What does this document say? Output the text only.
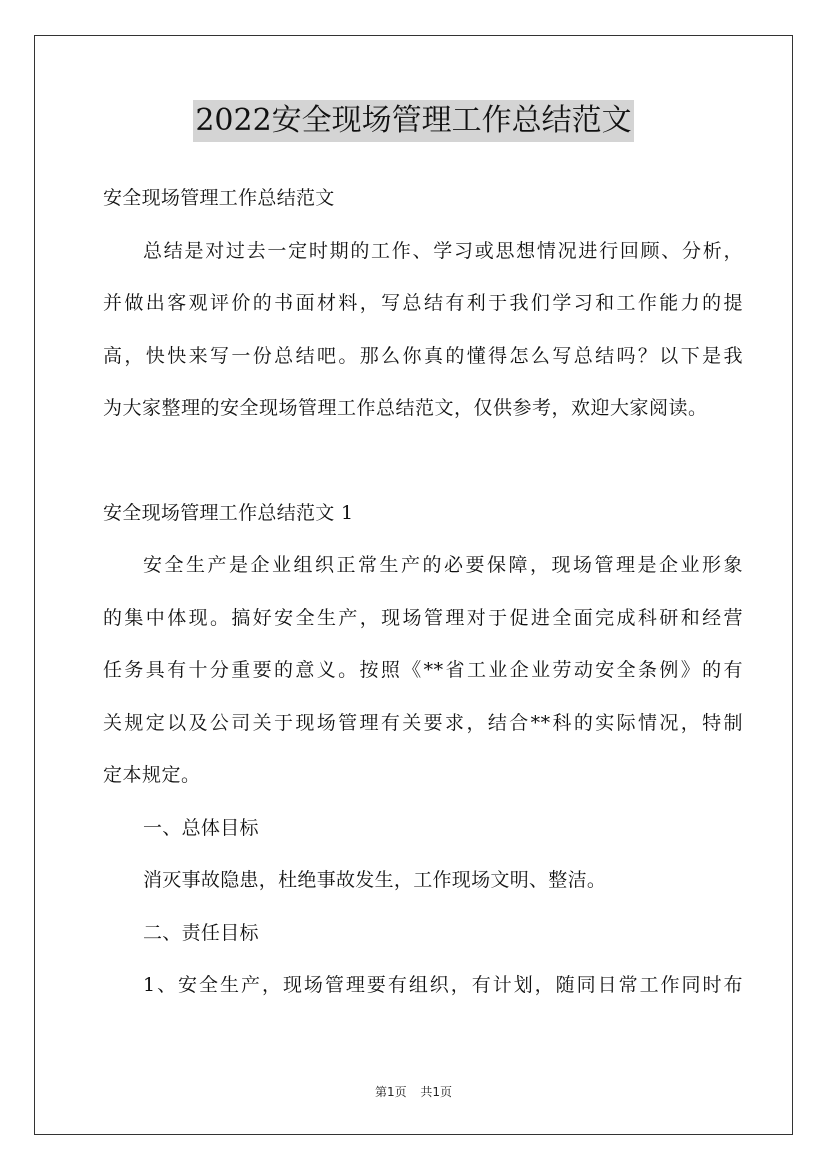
2022安全现场管理工作总结范文
安全现场管理工作总结范文
总结是对过去一定时期的工作、学习或思想情况进行回顾、分析，
并做出客观评价的书面材料，写总结有利于我们学习和工作能力的提
高，快快来写一份总结吧。那么你真的懂得怎么写总结吗？以下是我
为大家整理的安全现场管理工作总结范文，仅供参考，欢迎大家阅读。
安全现场管理工作总结范文 1
安全生产是企业组织正常生产的必要保障，现场管理是企业形象
的集中体现。搞好安全生产，现场管理对于促进全面完成科研和经营
任务具有十分重要的意义。按照《**省工业企业劳动安全条例》的有
关规定以及公司关于现场管理有关要求，结合**科的实际情况，特制
定本规定。
一、总体目标
消灭事故隐患，杜绝事故发生，工作现场文明、整洁。
二、责任目标
1、安全生产，现场管理要有组织，有计划，随同日常工作同时布
第1页 共1页
